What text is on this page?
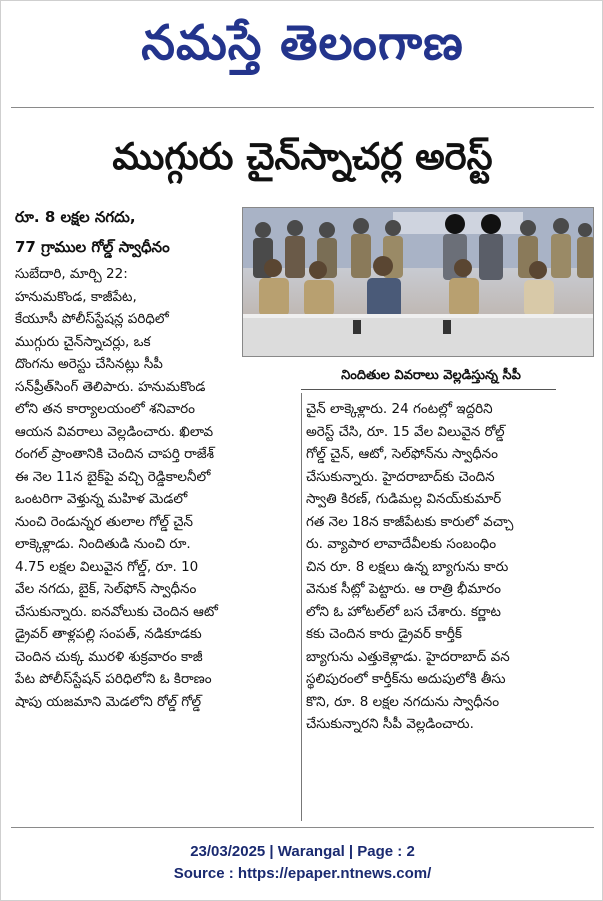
నమస్తే తెలంగాణ
ముగ్గురు చైన్‌స్నాచర్ల అరెస్ట్
రూ. 8 లక్షల నగదు,
77 గ్రాముల గోల్డ్ స్వాధీనం
నిందితుల వివరాలు వెల్లడిస్తున్న సీపీ
సుబేదారి, మార్చి 22:
హనుమకొండ, కాజీపేట,
కేయూసీ పోలీస్‌స్టేషన్ల పరిధిలో
ముగ్గురు చైన్‌స్నాచర్లు, ఒక
దొంగను అరెస్టు చేసినట్లు సీపీ
సన్‌ప్రీత్‌సింగ్ తెలిపారు. హనుమకొండ
లోని తన కార్యాలయంలో శనివారం
ఆయన వివరాలు వెల్లడించారు. ఖిలావ
రంగల్ ప్రాంతానికి చెందిన చాపర్తి రాజేశ్
ఈ నెల 11న బైక్‌పై వచ్చి రెడ్డికాలనీలో
ఒంటరిగా వెళ్తున్న మహిళ మెడలో
నుంచి రెండున్నర తులాల గోల్డ్ చైన్
లాక్కెళ్లాడు. నిందితుడి నుంచి రూ.
4.75 లక్షల విలువైన గోల్డ్, రూ. 10
వేల నగదు, బైక్, సెల్‌ఫోన్ స్వాధీనం
చేసుకున్నారు. ఐనవోలుకు చెందిన ఆటో
డ్రైవర్ తాళ్లపల్లి సంపత్, నడికూడకు
చెందిన చుక్క మురళి శుక్రవారం కాజీ
పేట పోలీస్‌స్టేషన్ పరిధిలోని ఓ కిరాణం
షాపు యజమాని మెడలోని రోల్డ్ గోల్డ్
చైన్ లాక్కెళ్లారు. 24 గంటల్లో ఇద్దరిని
అరెస్ట్ చేసి, రూ. 15 వేల విలువైన రోల్డ్
గోల్డ్ చైన్, ఆటో, సెల్‌ఫోన్‌ను స్వాధీనం
చేసుకున్నారు. హైదరాబాద్‌కు చెందిన
స్వాతి కిరణ్, గుడిమల్ల వినయ్‌కుమార్
గత నెల 18న కాజీపేటకు కారులో వచ్చా
రు. వ్యాపార లావాదేవీలకు సంబంధిం
చిన రూ. 8 లక్షలు ఉన్న బ్యాగును కారు
వెనుక సీట్లో పెట్టారు. ఆ రాత్రి భీమారం
లోని ఓ హోటల్‌లో బస చేశారు. కర్ణాట
కకు చెందిన కారు డ్రైవర్ కార్తీక్
బ్యాగును ఎత్తుకెళ్లాడు. హైదరాబాద్ వన
స్థలిపురంలో కార్తీక్‌ను అదుపులోకి తీసు
కొని, రూ. 8 లక్షల నగదును స్వాధీనం
చేసుకున్నారని సీపీ వెల్లడించారు.
23/03/2025 | Warangal | Page : 2
Source : https://epaper.ntnews.com/
